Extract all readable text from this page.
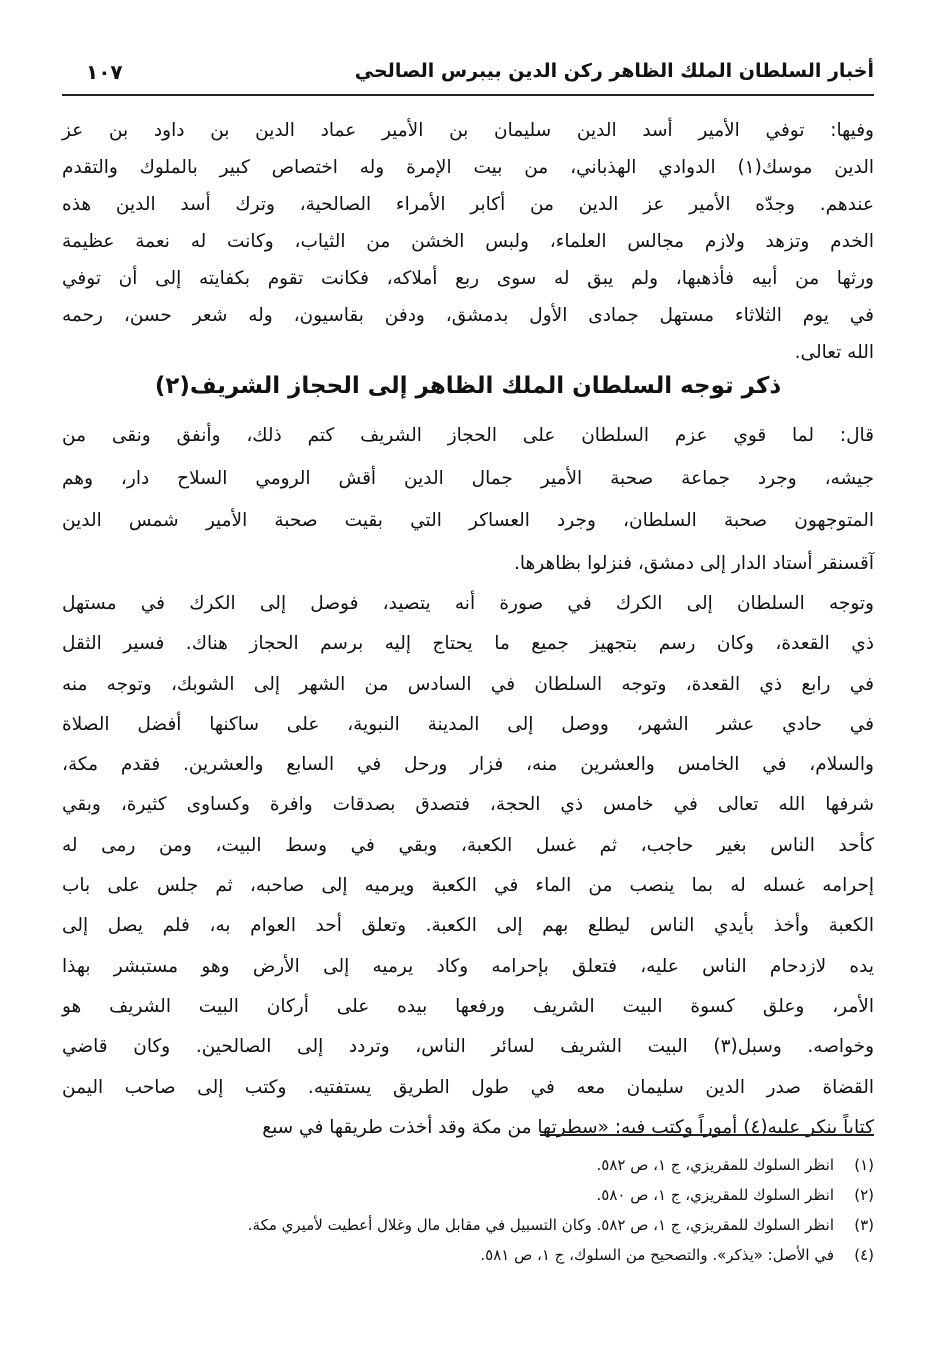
أخبار السلطان الملك الظاهر ركن الدين بيبرس الصالحي
١٠٧
وفيها: توفي الأمير أسد الدين سليمان بن الأمير عماد الدين بن داود بن عز
الدين موسك(١) الدوادي الهذباني، من بيت الإمرة وله اختصاص كبير بالملوك والتقدم
عندهم. وجدّه الأمير عز الدين من أكابر الأمراء الصالحية، وترك أسد الدين هذه
الخدم وتزهد ولازم مجالس العلماء، ولبس الخشن من الثياب، وكانت له نعمة عظيمة
ورثها من أبيه فأذهبها، ولم يبق له سوى ربع أملاكه، فكانت تقوم بكفايته إلى أن توفي
في يوم الثلاثاء مستهل جمادى الأول بدمشق، ودفن بقاسيون، وله شعر حسن، رحمه
الله تعالى.
ذكر توجه السلطان الملك الظاهر إلى الحجاز الشريف(٢)
قال: لما قوي عزم السلطان على الحجاز الشريف كتم ذلك، وأنفق ونقى من
جيشه، وجرد جماعة صحبة الأمير جمال الدين أقش الرومي السلاح دار، وهم
المتوجهون صحبة السلطان، وجرد العساكر التي بقيت صحبة الأمير شمس الدين
آقسنقر أستاد الدار إلى دمشق، فنزلوا بظاهرها.
وتوجه السلطان إلى الكرك في صورة أنه يتصيد، فوصل إلى الكرك في مستهل
ذي القعدة، وكان رسم بتجهيز جميع ما يحتاج إليه برسم الحجاز هناك. فسير الثقل
في رابع ذي القعدة، وتوجه السلطان في السادس من الشهر إلى الشوبك، وتوجه منه
في حادي عشر الشهر، ووصل إلى المدينة النبوية، على ساكنها أفضل الصلاة
والسلام، في الخامس والعشرين منه، فزار ورحل في السابع والعشرين. فقدم مكة،
شرفها الله تعالى في خامس ذي الحجة، فتصدق بصدقات وافرة وكساوى كثيرة، وبقي
كأحد الناس بغير حاجب، ثم غسل الكعبة، وبقي في وسط البيت، ومن رمى له
إحرامه غسله له بما ينصب من الماء في الكعبة ويرميه إلى صاحبه، ثم جلس على باب
الكعبة وأخذ بأيدي الناس ليطلع بهم إلى الكعبة. وتعلق أحد العوام به، فلم يصل إلى
يده لازدحام الناس عليه، فتعلق بإحرامه وكاد يرميه إلى الأرض وهو مستبشر بهذا
الأمر، وعلق كسوة البيت الشريف ورفعها بيده على أركان البيت الشريف هو
وخواصه. وسبل(٣) البيت الشريف لسائر الناس، وتردد إلى الصالحين. وكان قاضي
القضاة صدر الدين سليمان معه في طول الطريق يستفتيه. وكتب إلى صاحب اليمن
كتاباً ينكر عليه(٤) أموراً وكتب فيه: «سطرتها من مكة وقد أخذت طريقها في سبع
(١)انظر السلوك للمقريزي، ج ١، ص ٥٨٢.
(٢)انظر السلوك للمقريزي، ج ١، ص ٥٨٠.
(٣)انظر السلوك للمقريزي، ج ١، ص ٥٨٢. وكان التسبيل في مقابل مال وغلال أعطيت لأميري مكة.
(٤)في الأصل: «يذكر». والتصحيح من السلوك، ج ١، ص ٥٨١.
